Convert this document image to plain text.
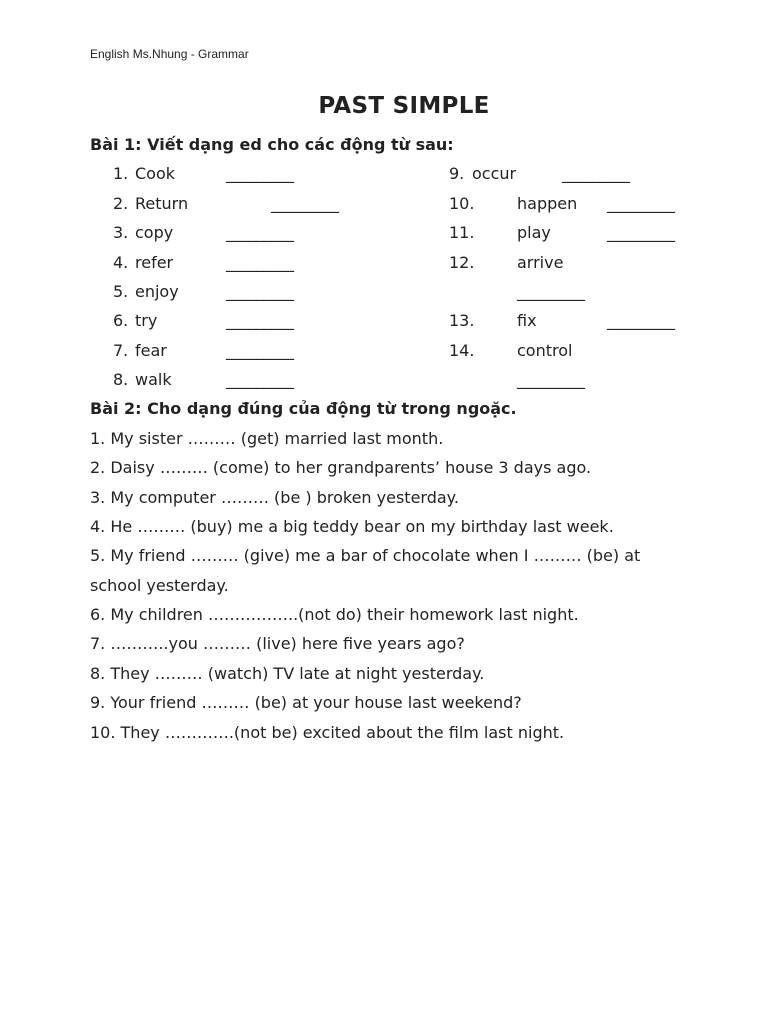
English Ms.Nhung - Grammar
PAST SIMPLE
Bài 1: Viết dạng ed cho các động từ sau:
1. Cook	_________
2. Return	_________
3. copy	_________
4. refer	_________
5. enjoy	_________
6. try	_________
7. fear	_________
8. walk	_________
9. occur	_________
10.	happen _________
11.	play	_________
12.	arrive
_________
13.	fix	_________
14.	control
_________
Bài 2: Cho dạng đúng của động từ trong ngoặc.
1. My sister ……… (get) married last month.
2. Daisy ……… (come) to her grandparents’ house 3 days ago.
3. My computer ……… (be ) broken yesterday.
4. He ……… (buy) me a big teddy bear on my birthday last week.
5. My friend ……… (give) me a bar of chocolate when I ……… (be) at
school yesterday.
6. My children ……………..(not do) their homework last night.
7. ………..you ……… (live) here five years ago?
8. They ……… (watch) TV late at night yesterday.
9. Your friend ……… (be) at your house last weekend?
10. They ………….(not be) excited about the film last night.
